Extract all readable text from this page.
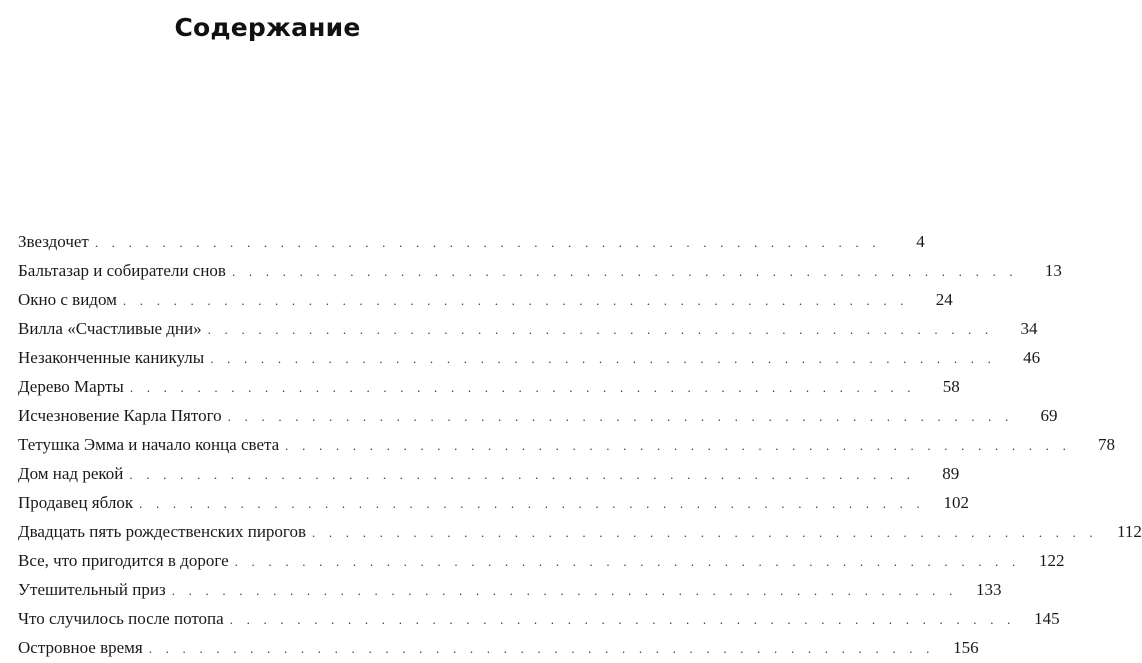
Содержание
Звездочет . . . . . . . . . . . . . . . . . . . . . . . . . . . . . . . . . . . . . . . . . . . . . . .	4
Бальтазар и собиратели снов . . . . . . . . . . . . . . . . . . . . . . . . . . . . . . . . . . . . . . . . . . . . . . .	13
Окно с видом . . . . . . . . . . . . . . . . . . . . . . . . . . . . . . . . . . . . . . . . . . . . . . .	24
Вилла «Счастливые дни» . . . . . . . . . . . . . . . . . . . . . . . . . . . . . . . . . . . . . . . . . . . . . . .	34
Незаконченные каникулы . . . . . . . . . . . . . . . . . . . . . . . . . . . . . . . . . . . . . . . . . . . . . . .	46
Дерево Марты . . . . . . . . . . . . . . . . . . . . . . . . . . . . . . . . . . . . . . . . . . . . . . .	58
Исчезновение Карла Пятого . . . . . . . . . . . . . . . . . . . . . . . . . . . . . . . . . . . . . . . . . . . . . . .	69
Тетушка Эмма и начало конца света . . . . . . . . . . . . . . . . . . . . . . . . . . . . . . . . . . . . . . . . . . . . . . .	78
Дом над рекой . . . . . . . . . . . . . . . . . . . . . . . . . . . . . . . . . . . . . . . . . . . . . . .	89
Продавец яблок . . . . . . . . . . . . . . . . . . . . . . . . . . . . . . . . . . . . . . . . . . . . . . .	102
Двадцать пять рождественских пирогов . . . . . . . . . . . . . . . . . . . . . . . . . . . . . . . . . . . . . . . . . . . . . . .	112
Все, что пригодится в дороге . . . . . . . . . . . . . . . . . . . . . . . . . . . . . . . . . . . . . . . . . . . . . . .	122
Утешительный приз . . . . . . . . . . . . . . . . . . . . . . . . . . . . . . . . . . . . . . . . . . . . . . .	133
Что случилось после потопа . . . . . . . . . . . . . . . . . . . . . . . . . . . . . . . . . . . . . . . . . . . . . . .	145
Островное время . . . . . . . . . . . . . . . . . . . . . . . . . . . . . . . . . . . . . . . . . . . . . . .	156
